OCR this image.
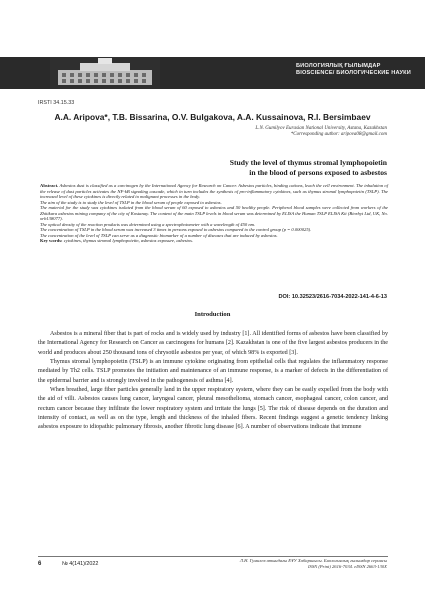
БИОЛОГИЯЛЫҚ ҒЫЛЫМДАР
BIOSCIENCE/ БИОЛОГИЧЕСКИЕ НАУКИ
IRSTI 34.15.33
A.A. Aripova*, T.B. Bissarina, O.V. Bulgakova, A.A. Kussainova, R.I. Bersimbaev
L.N. Gumilyov Eurasian National University, Astana, Kazakhstan
*Corresponding author: aripova08@gmail.com
Study the level of thymus stromal lymphopoietin
in the blood of persons exposed to asbestos

Abstract. Asbestos dust is classified as a carcinogen by the International Agency for Research on Cancer. Asbestos particles, binding cations, leach the cell environment. The inhalation of the release of dust particles activates the NF-kB signaling cascade, which in turn includes the synthesis of pro-inflammatory cytokines, such as thymus stromal lymphopoietin (TSLP). The increased level of these cytokines is directly related to malignant processes in the body.

The aim of the study is to study the level of TSLP in the blood serum of people exposed to asbestos.

The material for the study was cytokines isolated from the blood serum of 60 exposed to asbestos and 50 healthy people. Peripheral blood samples were collected from workers of the Zhitikara asbestos mining company of the city of Kostanay. The content of the main TSLP levels in blood serum was determined by ELISA the Human TSLP ELISA Kit (Biorbyt Ltd, UK, No. orb138077).

The optical density of the reaction products was determined using a spectrophotometer with a wavelength of 450 nm.

The concentration of TSLP in the blood serum was increased 3 times in persons exposed to asbestos compared to the control group (p = 0.000025).

The concentration of the level of TSLP can serve as a diagnostic biomarker of a number of diseases that are induced by asbestos.

Key words: cytokines, thymus stromal lymphopoietin, asbestos exposure, asbestos.

DOI: 10.32523/2616-7034-2022-141-4-6-13
Introduction

Asbestos is a mineral fiber that is part of rocks and is widely used by industry [1]. All identified forms of asbestos have been classified by the International Agency for Research on Cancer as carcinogens for humans [2]. Kazakhstan is one of the five largest asbestos producers in the world and produces about 250 thousand tons of chrysotile asbestos per year, of which 98% is exported [3].

Thymus stromal lymphopoietin (TSLP) is an immune cytokine originating from epithelial cells that regulates the inflammatory response mediated by Th2 cells. TSLP promotes the initiation and maintenance of an immune response, is a marker of defects in the differentiation of the epidermal barrier and is strongly involved in the pathogenesis of asthma [4].

When breathed, large fiber particles generally land in the upper respiratory system, where they can be easily expelled from the body with the aid of villi. Asbestos causes lung cancer, laryngeal cancer, pleural mesothelioma, stomach cancer, esophageal cancer, colon cancer, and rectum cancer because they infiltrate the lower respiratory system and irritate the lungs [5]. The risk of disease depends on the duration and intensity of contact, as well as on the type, length and thickness of the inhaled fibers. Recent findings suggest a genetic tendency linking asbestos exposure to idiopathic pulmonary fibrosis, another fibrotic lung disease [6]. A number of observations indicate that immune

6	№ 4(141)/2022
Л.Н. Гумилев атындағы ЕҰУ Хабаршысы. Биологиялық ғылымдар сериясы
ISSN (Print) 2616-7034. eISSN 2663-130X
